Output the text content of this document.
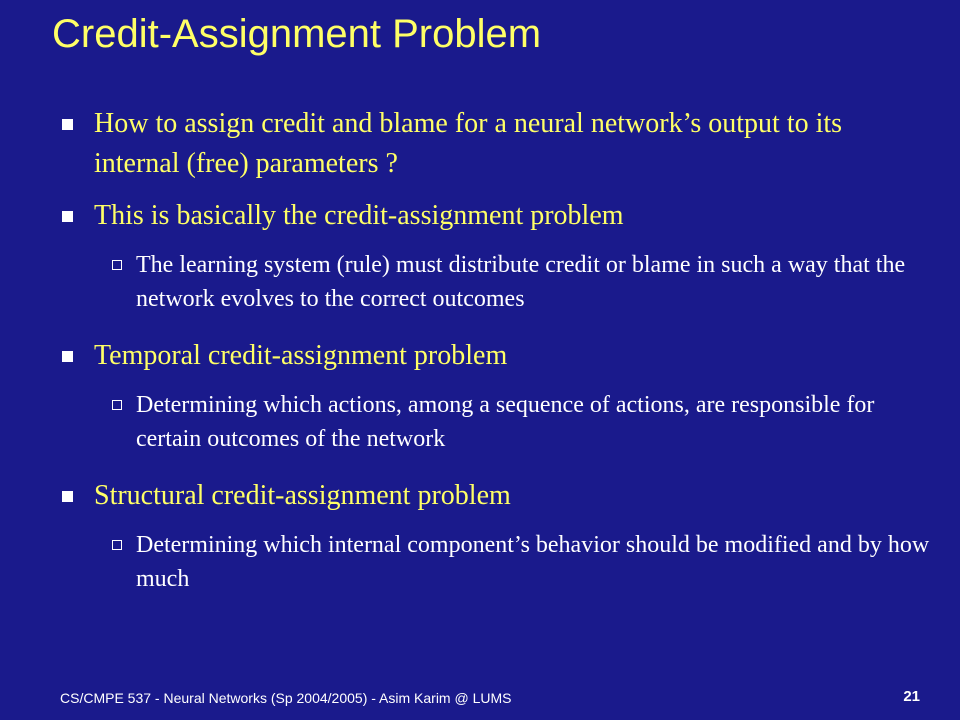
Credit-Assignment Problem
How to assign credit and blame for a neural network’s output to its internal (free) parameters ?
This is basically the credit-assignment problem
The learning system (rule) must distribute credit or blame in such a way that the network evolves to the correct outcomes
Temporal credit-assignment problem
Determining which actions, among a sequence of actions, are responsible for certain outcomes of the network
Structural credit-assignment problem
Determining which internal component’s behavior should be modified and by how much
CS/CMPE 537 - Neural Networks (Sp 2004/2005) - Asim Karim @ LUMS	21
